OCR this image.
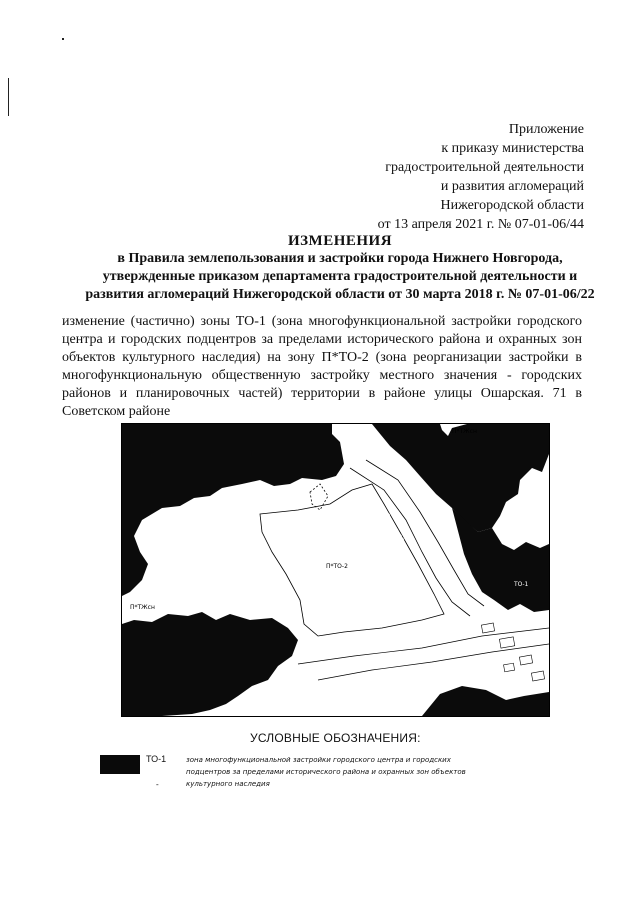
Приложение
к приказу министерства
градостроительной деятельности
и развития агломераций
Нижегородской области
от 13 апреля 2021 г. № 07-01-06/44
ИЗМЕНЕНИЯ
в Правила землепользования и застройки города Нижнего Новгорода,
утвержденные приказом департамента градостроительной деятельности и
развития агломераций Нижегородской области от 30 марта 2018 г. № 07-01-06/22
изменение (частично) зоны ТО-1 (зона многофункциональной застройки городского центра и городских подцентров за пределами исторического района и охранных зон объектов культурного наследия) на зону П*ТО-2 (зона реорганизации застройки в многофункциональную общественную застройку местного значения - городских районов и планировочных частей) территории в районе улицы Ошарская. 71 в Советском районе
П*ТЖсн
П*ТО-2
ТО-1
П*ТЖсн
ул.Ошарская
УСЛОВНЫЕ ОБОЗНАЧЕНИЯ:
ТО-1	зона многофункциональной застройки городского центра и городских подцентров за пределами исторического района и охранных зон объектов культурного наследия
-
